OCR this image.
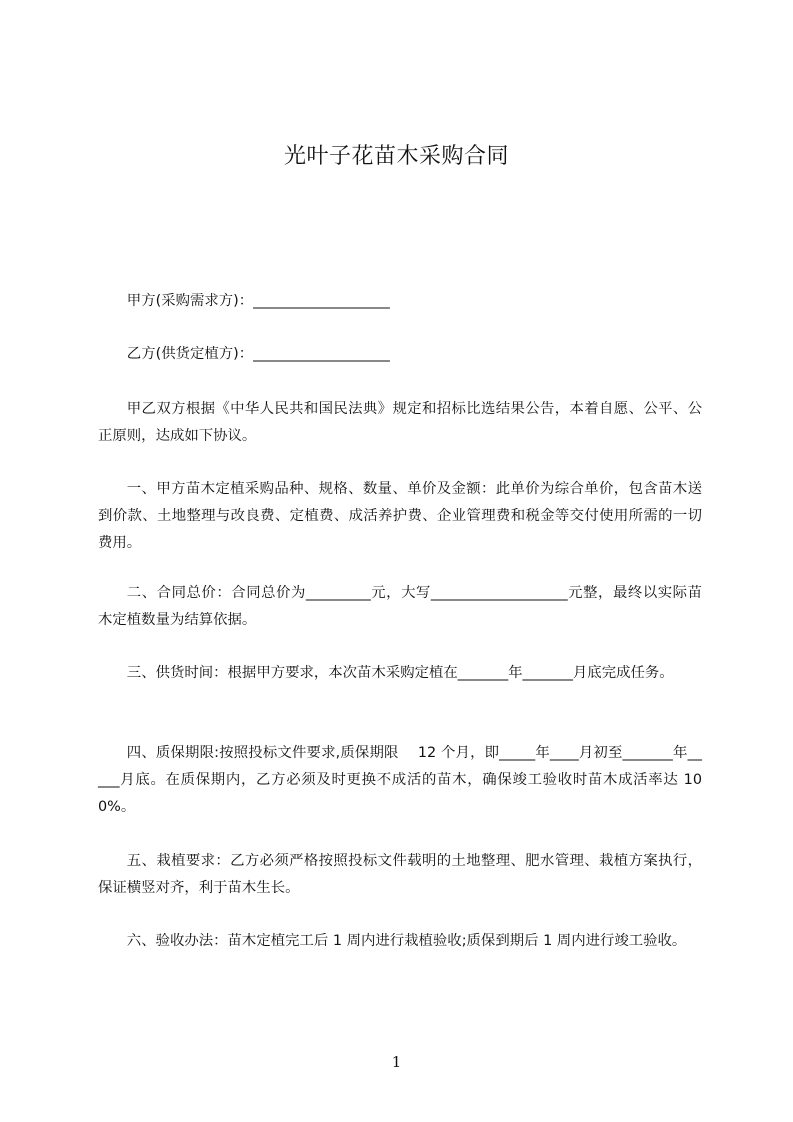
光叶子花苗木采购合同
甲方(采购需求方)：___________________
乙方(供货定植方)：___________________
甲乙双方根据《中华人民共和国民法典》规定和招标比选结果公告，本着自愿、公平、公正原则，达成如下协议。
一、甲方苗木定植采购品种、规格、数量、单价及金额：此单价为综合单价，包含苗木送到价款、土地整理与改良费、定植费、成活养护费、企业管理费和税金等交付使用所需的一切费用。
二、合同总价：合同总价为_________元，大写___________________元整，最终以实际苗木定植数量为结算依据。
三、供货时间：根据甲方要求，本次苗木采购定植在_______年_______月底完成任务。
四、质保期限:按照投标文件要求,质保期限　 12 个月，即_____年____月初至_______年_____月底。在质保期内，乙方必须及时更换不成活的苗木，确保竣工验收时苗木成活率达 100%。
五、栽植要求：乙方必须严格按照投标文件载明的土地整理、肥水管理、栽植方案执行，保证横竖对齐，利于苗木生长。
六、验收办法：苗木定植完工后 1 周内进行栽植验收;质保到期后 1 周内进行竣工验收。
1
